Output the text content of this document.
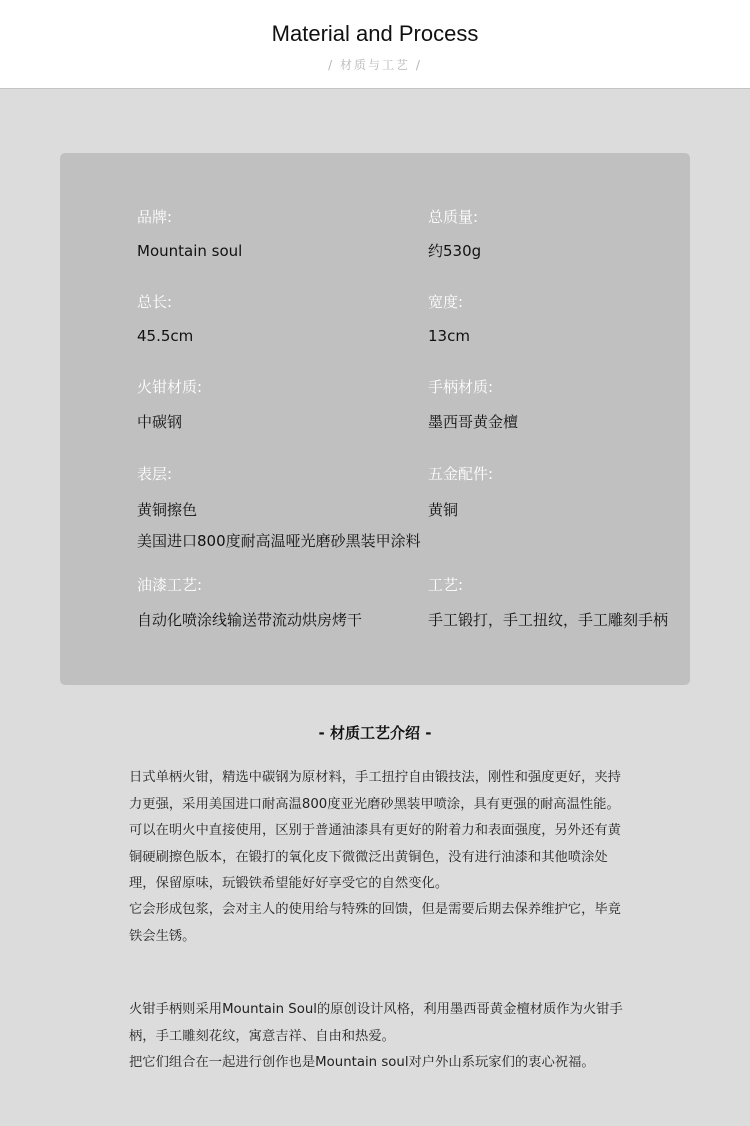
Material and Process
/ 材质与工艺 /
品牌:
Mountain soul
总质量:
约530g
总长:
45.5cm
宽度:
13cm
火钳材质:
中碳钢
手柄材质:
墨西哥黄金檀
表层:
黄铜擦色
美国进口800度耐高温哑光磨砂黑装甲涂料
五金配件:
黄铜
油漆工艺:
自动化喷涂线输送带流动烘房烤干
工艺:
手工锻打，手工扭纹，手工雕刻手柄
- 材质工艺介绍 -
日式单柄火钳，精选中碳钢为原材料，手工扭拧自由锻技法，刚性和强度更好，夹持力更强，采用美国进口耐高温800度亚光磨砂黑装甲喷涂，具有更强的耐高温性能。
可以在明火中直接使用，区别于普通油漆具有更好的附着力和表面强度，另外还有黄铜硬刷擦色版本，在锻打的氧化皮下微微泛出黄铜色，没有进行油漆和其他喷涂处理，保留原味，玩锻铁希望能好好享受它的自然变化。
它会形成包浆，会对主人的使用给与特殊的回馈，但是需要后期去保养维护它，毕竟铁会生锈。
火钳手柄则采用Mountain Soul的原创设计风格，利用墨西哥黄金檀材质作为火钳手柄，手工雕刻花纹，寓意吉祥、自由和热爱。
把它们组合在一起进行创作也是Mountain soul对户外山系玩家们的衷心祝福。
